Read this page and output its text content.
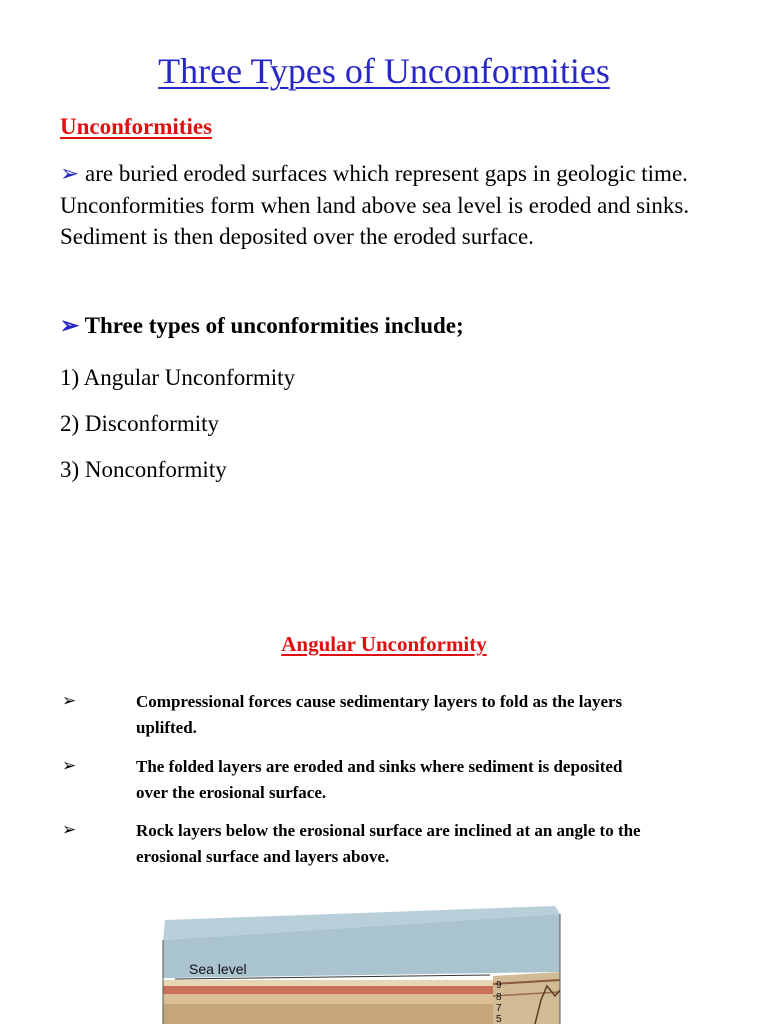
Three Types of Unconformities
Unconformities
➢ are buried eroded surfaces which represent gaps in geologic time. Unconformities form when land above sea level is eroded and sinks. Sediment is then deposited over the eroded surface.
➢ Three types of unconformities include;
1) Angular Unconformity
2) Disconformity
3) Nonconformity
Angular Unconformity
➢	Compressional forces cause sedimentary layers to fold as the layers uplifted.
➢	The folded layers are eroded and sinks where sediment is deposited over the erosional surface.
➢	Rock layers below the erosional surface are inclined at an angle to the erosional surface and layers above.
Sea level
9
8
7
5
